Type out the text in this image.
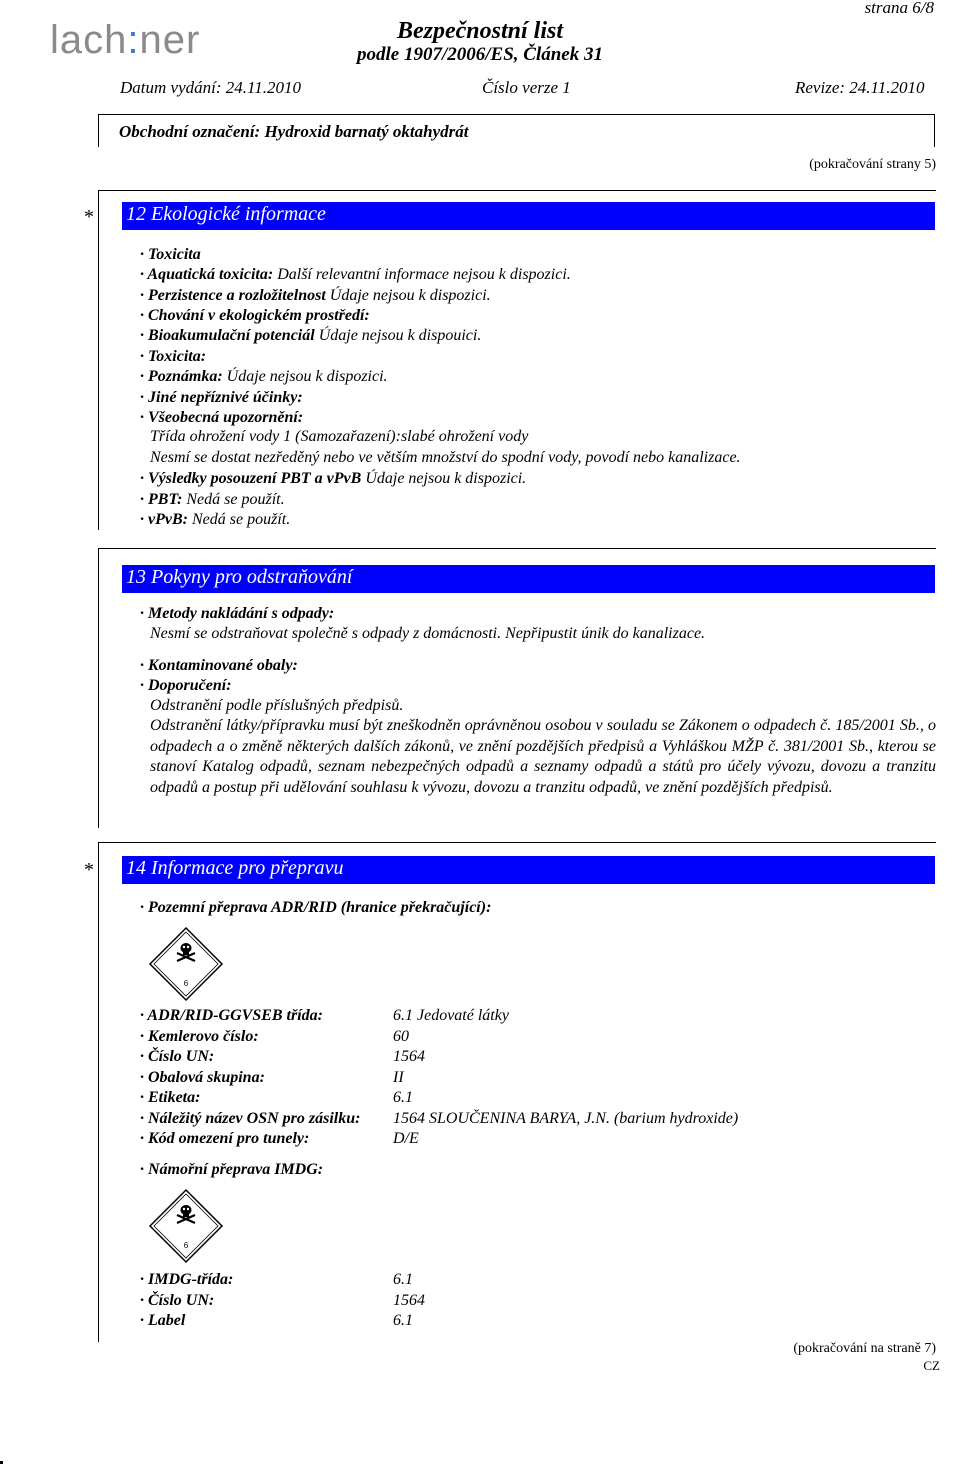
lach:ner	Bezpečnostní list
podle 1907/2006/ES, Článek 31
strana 6/8
Datum vydání: 24.11.2010	Číslo verze 1	Revize: 24.11.2010
Obchodní označení: Hydroxid barnatý oktahydrát
(pokračování strany 5)
* 12 Ekologické informace
· Toxicita
· Aquatická toxicita: Další relevantní informace nejsou k dispozici.
· Perzistence a rozložitelnost Údaje nejsou k dispozici.
· Chování v ekologickém prostředí:
· Bioakumulační potenciál Údaje nejsou k dispouici.
· Toxicita:
· Poznámka: Údaje nejsou k dispozici.
· Jiné nepříznivé účinky:
· Všeobecná upozornění:
Třída ohrožení vody 1 (Samozařazení):slabé ohrožení vody
Nesmí se dostat nezředěný nebo ve větším množství do spodní vody, povodí nebo kanalizace.
· Výsledky posouzení PBT a vPvB Údaje nejsou k dispozici.
· PBT: Nedá se použít.
· vPvB: Nedá se použít.
13 Pokyny pro odstraňování
· Metody nakládání s odpady:
Nesmí se odstraňovat společně s odpady z domácnosti. Nepřipustit únik do kanalizace.
· Kontaminované obaly:
· Doporučení:
Odstranění podle příslušných předpisů.
Odstranění látky/přípravku musí být zneškodněn oprávněnou osobou v souladu se Zákonem o odpadech č. 185/2001 Sb., o odpadech a o změně některých dalších zákonů, ve znění pozdějších předpisů a Vyhláškou MŽP č. 381/2001 Sb., kterou se stanoví Katalog odpadů, seznam nebezpečných odpadů a seznamy odpadů a států pro účely vývozu, dovozu a tranzitu odpadů a postup při udělování souhlasu k vývozu, dovozu a tranzitu odpadů, ve znění pozdějších předpisů.
* 14 Informace pro přepravu
· Pozemní přeprava ADR/RID (hranice překračující):
6
· ADR/RID-GGVSEB třída:	6.1 Jedovaté látky
· Kemlerovo číslo:	60
· Číslo UN:	1564
· Obalová skupina:	II
· Etiketa:	6.1
· Náležitý název OSN pro zásilku: 1564 SLOUČENINA BARYA, J.N. (barium hydroxide)
· Kód omezení pro tunely:	D/E
· Námořní přeprava IMDG:
6
· IMDG-třída:	6.1
· Číslo UN:	1564
· Label	6.1
(pokračování na straně 7)
CZ
